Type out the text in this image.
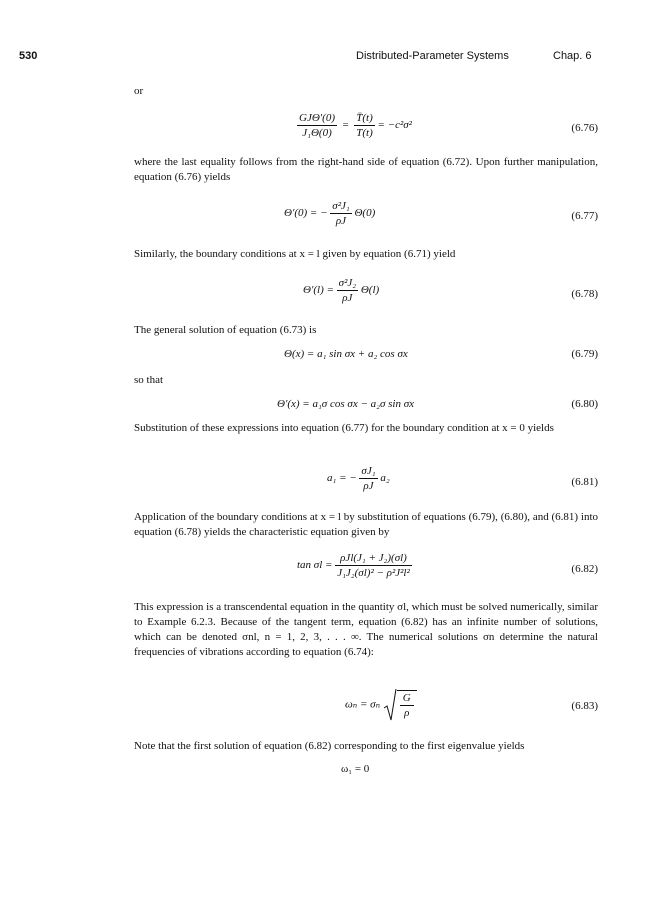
530	Distributed-Parameter Systems	Chap. 6
or
$\frac{\text{GJΘ′(0)}}{\text{J₁Θ(0)}} = \frac{T̈(t)}{T(t)} = -c^2\sigma^2$	(6.76)
where the last equality follows from the right-hand side of equation (6.72). Upon further manipulation, equation (6.76) yields
Θ′(0) = − $\frac{\text{σ²J₁}}{\rho J} \Theta(0)$	(6.77)
Similarly, the boundary conditions at x = l given by equation (6.71) yield
$\Theta'(l) = \frac{\text{σ²J₂}}{\rho J} \Theta(l)$	(6.78)
The general solution of equation (6.73) is
Θ(x) = a₁ sin σx + a₂ cos σx	(6.79)
so that
Θ′(x) = a₁σ cos σx − a₂σ sin σx	(6.80)
Substitution of these expressions into equation (6.77) for the boundary condition at x = 0 yields
a₁ = − $\frac{\text{σJ₁}}{\rho J} a_2$	(6.81)
Application of the boundary conditions at x = l by substitution of equations (6.79), (6.80), and (6.81) into equation (6.78) yields the characteristic equation given by
$\tan \sigma l = \frac{\text{ρJl(J₁ + J₂)(σl)}}{\text{J₁J₂(σl)² − ρ²J²l²}}$	(6.82)
This expression is a transcendental equation in the quantity σl, which must be solved numerically, similar to Example 6.2.3. Because of the tangent term, equation (6.82) has an infinite number of solutions, which can be denoted σnl, n = 1, 2, 3, . . . ∞. The numerical solutions σn determine the natural frequencies of vibrations according to equation (6.74):
ωₙ = σₙ
G
ρ
(6.83)
Note that the first solution of equation (6.82) corresponding to the first eigenvalue yields
ω₁ = 0
